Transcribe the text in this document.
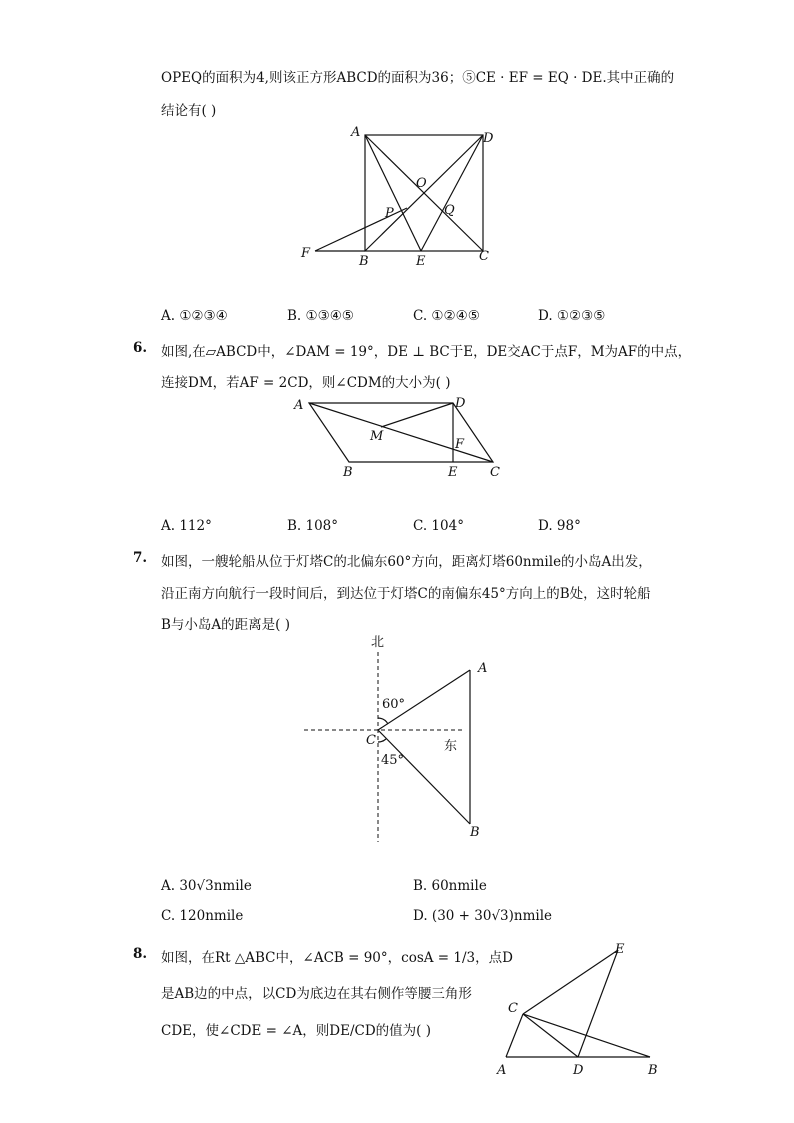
OPEQ的面积为4,则该正方形ABCD的面积为36；⑤CE · EF = EQ · DE.其中正确的
结论有( )
A	D
O
P	Q
F
B	E	C
A. ①②③④	B. ①③④⑤	C. ①②④⑤	D. ①②③⑤
6. 如图,在▱ABCD中，∠DAM = 19°，DE ⊥ BC于E，DE交AC于点F，M为AF的中点，
连接DM，若AF = 2CD，则∠CDM的大小为( )
A	D
M
F
B	E	C
A. 112°	B. 108°	C. 104°	D. 98°
7. 如图，一艘轮船从位于灯塔C的北偏东60°方向，距离灯塔60nmile的小岛A出发，
沿正南方向航行一段时间后，到达位于灯塔C的南偏东45°方向上的B处，这时轮船
B与小岛A的距离是( )
北
东
A
B
C
60°
45°
A. 30√3nmile	B. 60nmile
C. 120nmile	D. (30 + 30√3)nmile
8. 如图，在Rt △ABC中，∠ACB = 90°，cosA = 1/3，点D
是AB边的中点，以CD为底边在其右侧作等腰三角形
CDE，使∠CDE = ∠A，则DE/CD的值为( )
E
C
A	D	B
